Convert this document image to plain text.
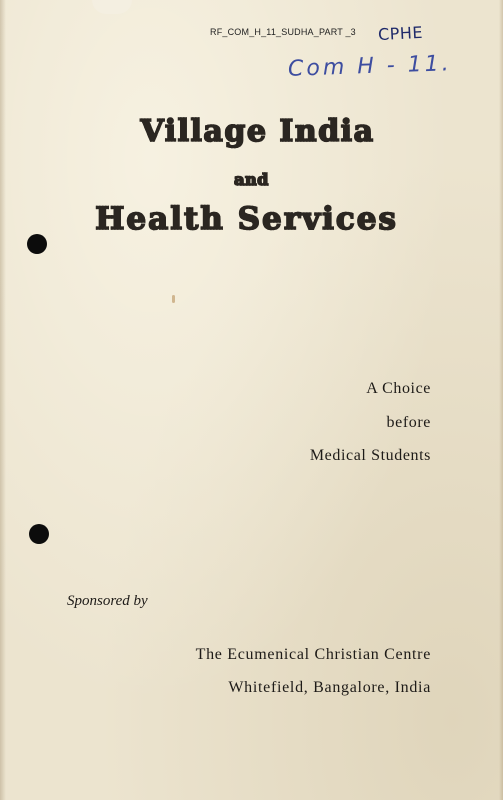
RF_COM_H_11_SUDHA_PART _3 CPHE
Com H - 11.
Village India
and
Health Services
A Choice
before
Medical Students
Sponsored by
The Ecumenical Christian Centre
Whitefield, Bangalore, India
